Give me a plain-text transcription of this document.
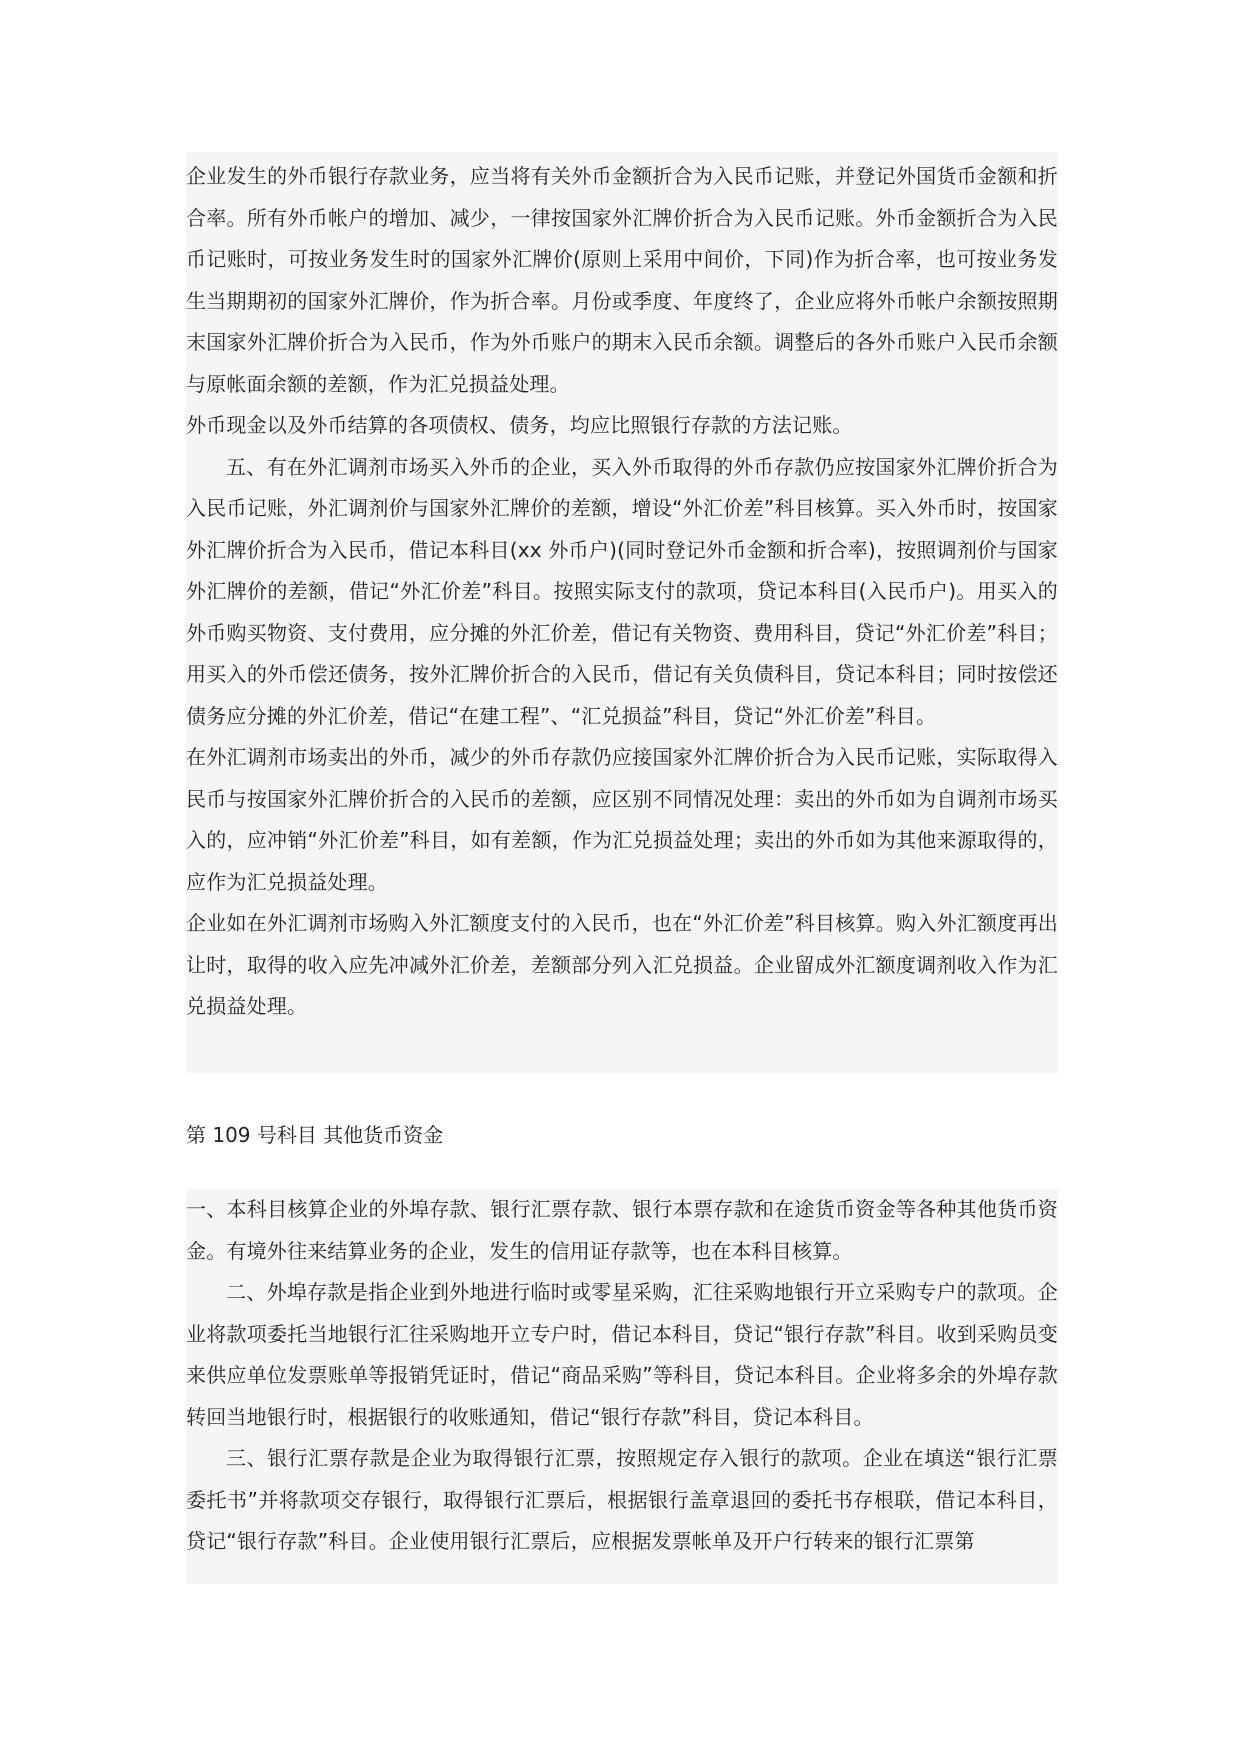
企业发生的外币银行存款业务，应当将有关外币金额折合为入民币记账，并登记外国货币金额和折合率。所有外币帐户的增加、减少，一律按国家外汇牌价折合为入民币记账。外币金额折合为入民币记账时，可按业务发生时的国家外汇牌价(原则上采用中间价，下同)作为折合率，也可按业务发生当期期初的国家外汇牌价，作为折合率。月份或季度、年度终了，企业应将外币帐户余额按照期末国家外汇牌价折合为入民币，作为外币账户的期末入民币余额。调整后的各外币账户入民币余额与原帐面余额的差额，作为汇兑损益处理。

外币现金以及外币结算的各项债权、债务，均应比照银行存款的方法记账。

五、有在外汇调剂市场买入外币的企业，买入外币取得的外币存款仍应按国家外汇牌价折合为入民币记账，外汇调剂价与国家外汇牌价的差额，增设“外汇价差”科目核算。买入外币时，按国家外汇牌价折合为入民币，借记本科目(xx 外币户)(同时登记外币金额和折合率)，按照调剂价与国家外汇牌价的差额，借记“外汇价差”科目。按照实际支付的款项，贷记本科目(入民币户)。用买入的外币购买物资、支付费用，应分摊的外汇价差，借记有关物资、费用科目，贷记“外汇价差”科目；用买入的外币偿还债务，按外汇牌价折合的入民币，借记有关负债科目，贷记本科目；同时按偿还债务应分摊的外汇价差，借记“在建工程”、“汇兑损益”科目，贷记“外汇价差”科目。

在外汇调剂市场卖出的外币，减少的外币存款仍应接国家外汇牌价折合为入民币记账，实际取得入民币与按国家外汇牌价折合的入民币的差额，应区别不同情况处理：卖出的外币如为自调剂市场买入的，应冲销“外汇价差”科目，如有差额，作为汇兑损益处理；卖出的外币如为其他来源取得的，应作为汇兑损益处理。

企业如在外汇调剂市场购入外汇额度支付的入民币，也在“外汇价差”科目核算。购入外汇额度再出让时，取得的收入应先冲减外汇价差，差额部分列入汇兑损益。企业留成外汇额度调剂收入作为汇兑损益处理。

第 109 号科目 其他货币资金

一、本科目核算企业的外埠存款、银行汇票存款、银行本票存款和在途货币资金等各种其他货币资金。有境外往来结算业务的企业，发生的信用证存款等，也在本科目核算。

二、外埠存款是指企业到外地进行临时或零星采购，汇往采购地银行开立采购专户的款项。企业将款项委托当地银行汇往采购地开立专户时，借记本科目，贷记“银行存款”科目。收到采购员变来供应单位发票账单等报销凭证时，借记“商品采购”等科目，贷记本科目。企业将多余的外埠存款转回当地银行时，根据银行的收账通知，借记“银行存款”科目，贷记本科目。

三、银行汇票存款是企业为取得银行汇票，按照规定存入银行的款项。企业在填送“银行汇票委托书”并将款项交存银行，取得银行汇票后，根据银行盖章退回的委托书存根联，借记本科目，贷记“银行存款”科目。企业使用银行汇票后，应根据发票帐单及开户行转来的银行汇票第
